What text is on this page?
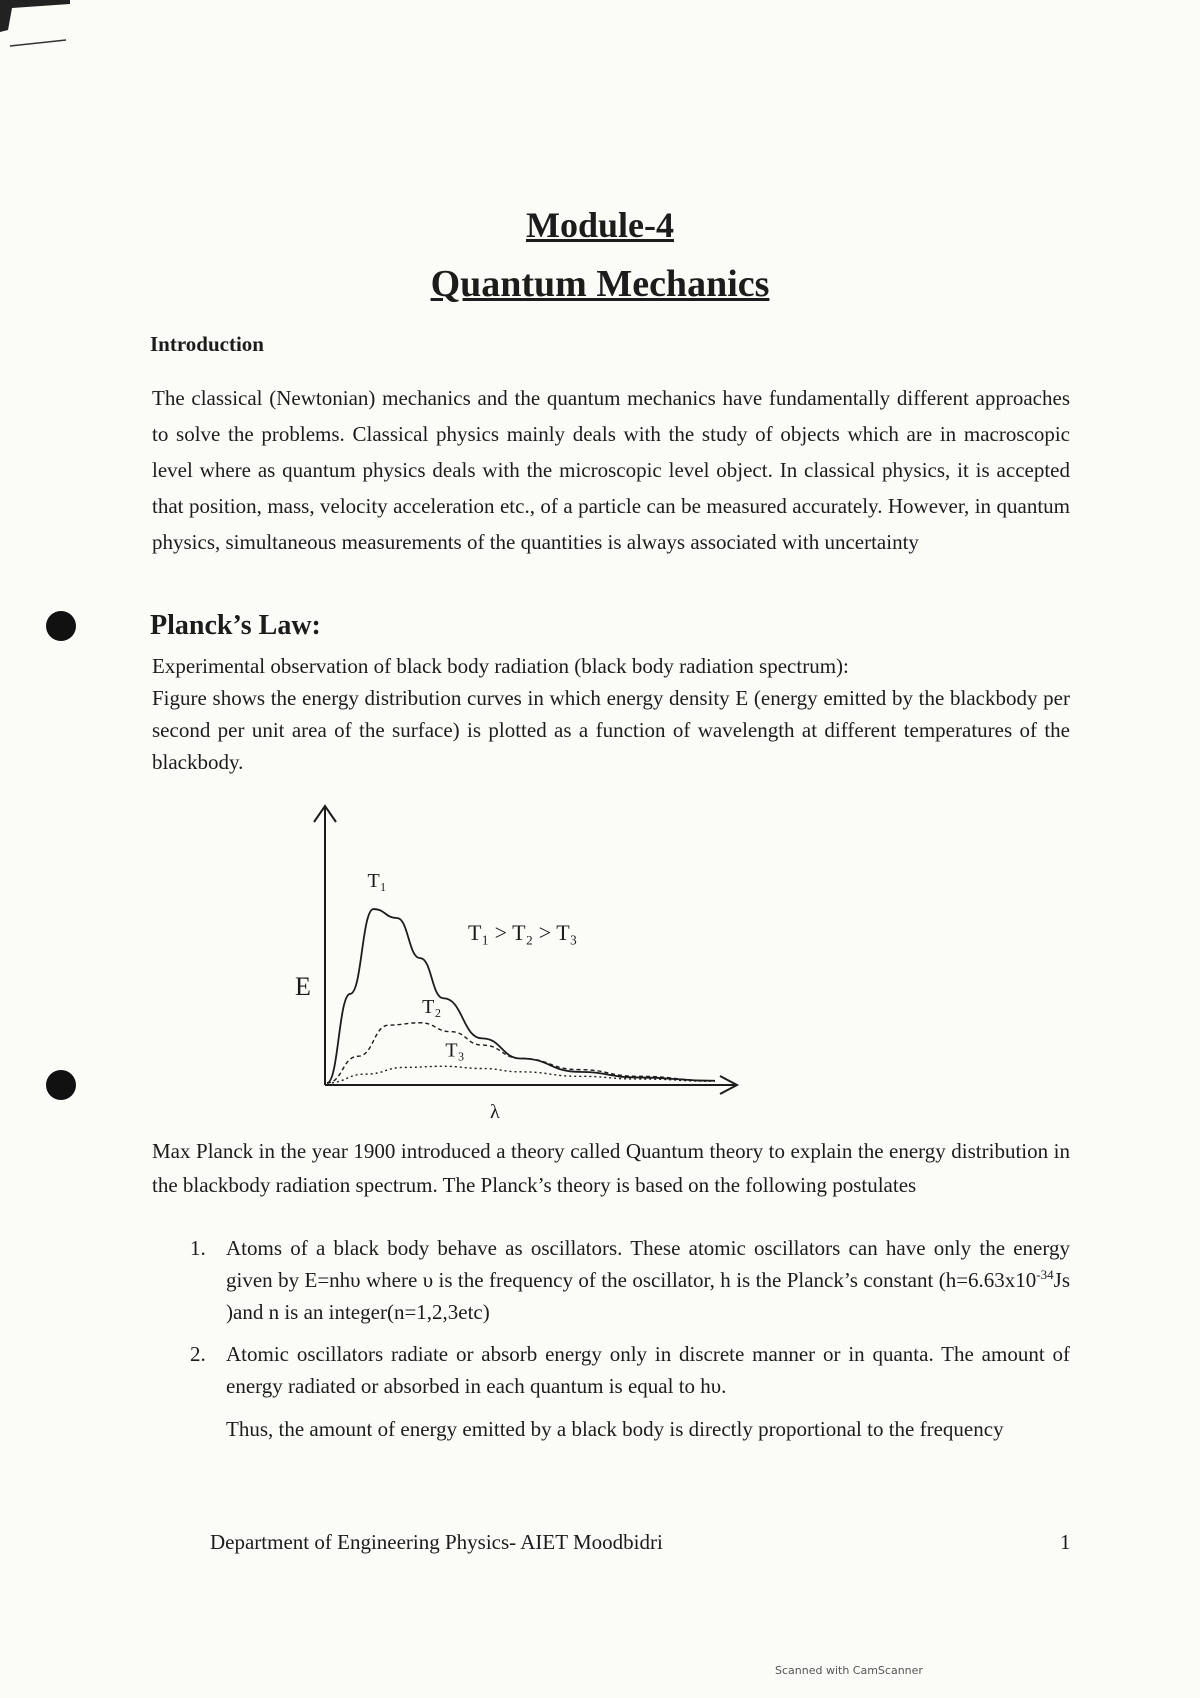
Module-4
Quantum Mechanics
Introduction
The classical (Newtonian) mechanics and the quantum mechanics have fundamentally different approaches to solve the problems. Classical physics mainly deals with the study of objects which are in macroscopic level where as quantum physics deals with the microscopic level object. In classical physics, it is accepted that position, mass, velocity acceleration etc., of a particle can be measured accurately. However, in quantum physics, simultaneous measurements of the quantities is always associated with uncertainty
Planck’s Law:
Experimental observation of black body radiation (black body radiation spectrum):
Figure shows the energy distribution curves in which energy density E (energy emitted by the blackbody per second per unit area of the surface) is plotted as a function of wavelength at different temperatures of the blackbody.
E
λ
T₁ > T₂ > T₃
T₁
T₂
T₃
Max Planck in the year 1900 introduced a theory called Quantum theory to explain the energy distribution in the blackbody radiation spectrum. The Planck’s theory is based on the following postulates
1. Atoms of a black body behave as oscillators. These atomic oscillators can have only the energy given by E=nhυ where υ is the frequency of the oscillator, h is the Planck’s constant ($h=6.63x10^{-34}Js$ )and n is an integer(n=1,2,3etc)
2. Atomic oscillators radiate or absorb energy only in discrete manner or in quanta. The amount of energy radiated or absorbed in each quantum is equal to hυ.
Thus, the amount of energy emitted by a black body is directly proportional to the frequency
Department of Engineering Physics- AIET Moodbidri	1
Scanned with CamScanner
